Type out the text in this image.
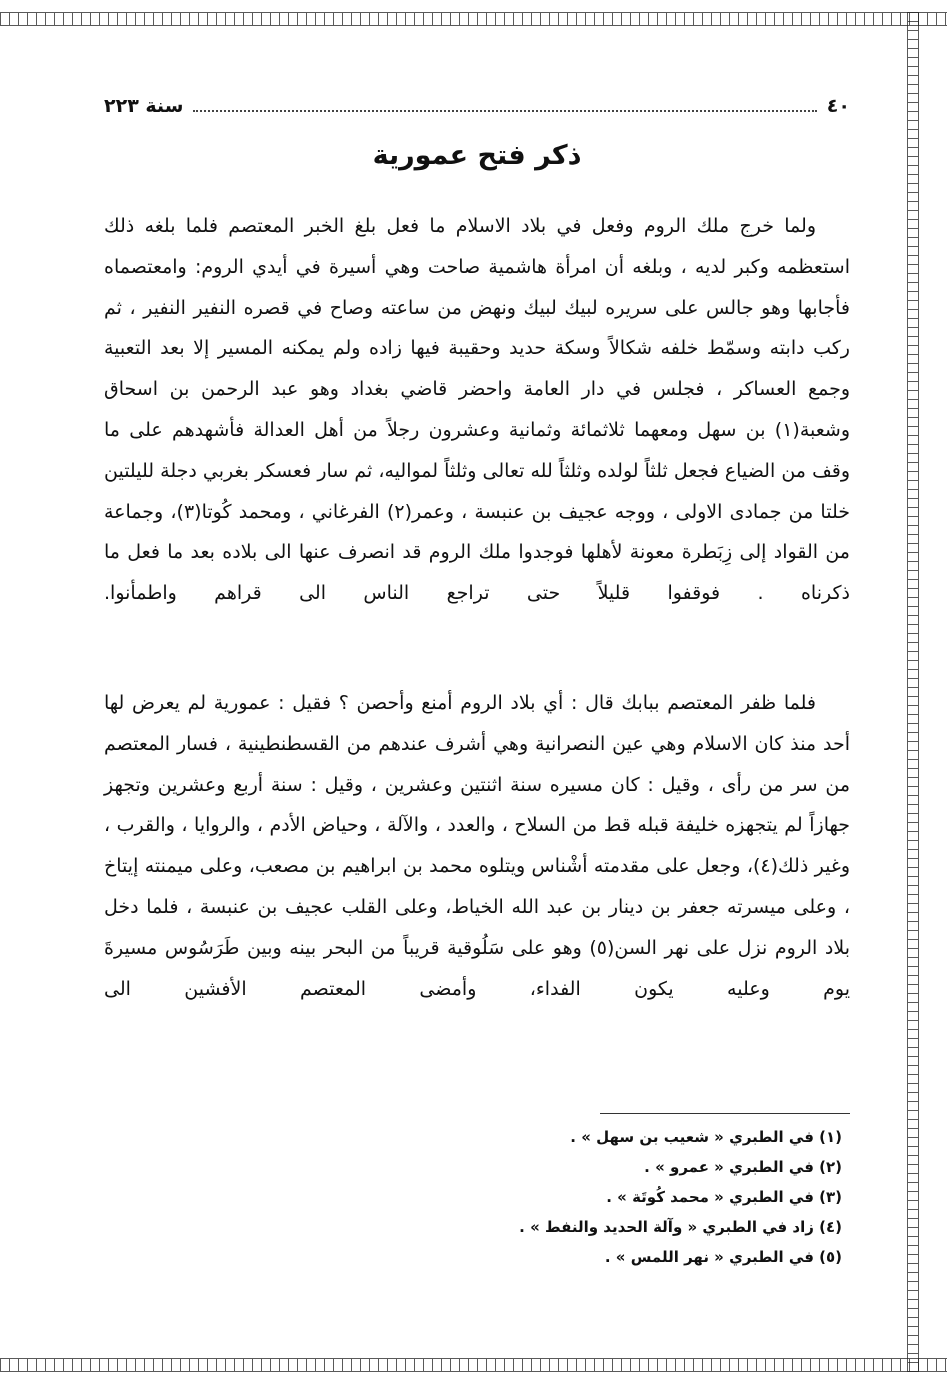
٤٠
سنة ٢٢٣
ذكر فتح عمورية

ولما خرج ملك الروم وفعل في بلاد الاسلام ما فعل بلغ الخبر المعتصم فلما بلغه ذلك استعظمه وكبر لديه ، وبلغه أن امرأة هاشمية صاحت وهي أسيرة في أيدي الروم: وامعتصماه فأجابها وهو جالس على سريره لبيك لبيك ونهض من ساعته وصاح في قصره النفير النفير ، ثم ركب دابته وسمّط خلفه شكالاً وسكة حديد وحقيبة فيها زاده ولم يمكنه المسير إلا بعد التعبية وجمع العساكر ، فجلس في دار العامة واحضر قاضي بغداد وهو عبد الرحمن بن اسحاق وشعبة(١) بن سهل ومعهما ثلاثمائة وثمانية وعشرون رجلاً من أهل العدالة فأشهدهم على ما وقف من الضياع فجعل ثلثاً لولده وثلثاً لله تعالى وثلثاً لمواليه، ثم سار فعسكر بغربي دجلة لليلتين خلتا من جمادى الاولى ، ووجه عجيف بن عنبسة ، وعمر(٢) الفرغاني ، ومحمد كُوتا(٣)، وجماعة من القواد إلى زِبَطرة معونة لأهلها فوجدوا ملك الروم قد انصرف عنها الى بلاده بعد ما فعل ما ذكرناه . فوقفوا قليلاً حتى تراجع الناس الى قراهم واطمأنوا.

فلما ظفر المعتصم ببابك قال : أي بلاد الروم أمنع وأحصن ؟ فقيل : عمورية لم يعرض لها أحد منذ كان الاسلام وهي عين النصرانية وهي أشرف عندهم من القسطنطينية ، فسار المعتصم من سر من رأى ، وقيل : كان مسيره سنة اثنتين وعشرين ، وقيل : سنة أربع وعشرين وتجهز جهازاً لم يتجهزه خليفة قبله قط من السلاح ، والعدد ، والآلة ، وحياض الأدم ، والروايا ، والقرب ، وغير ذلك(٤)، وجعل على مقدمته أشْناس ويتلوه محمد بن ابراهيم بن مصعب، وعلى ميمنته إيتاخ ، وعلى ميسرته جعفر بن دينار بن عبد الله الخياط، وعلى القلب عجيف بن عنبسة ، فلما دخل بلاد الروم نزل على نهر السن(٥) وهو على سَلُوقية قريباً من البحر بينه وبين طَرَسُوس مسيرةَ يوم وعليه يكون الفداء، وأمضى المعتصم الأفشين الى

(١) في الطبري « شعيب بن سهل » .
(٢) في الطبري « عمرو » .
(٣) في الطبري « محمد كُوتَة » .
(٤) زاد في الطبري « وآلة الحديد والنفط » .
(٥) في الطبري « نهر اللمس » .
